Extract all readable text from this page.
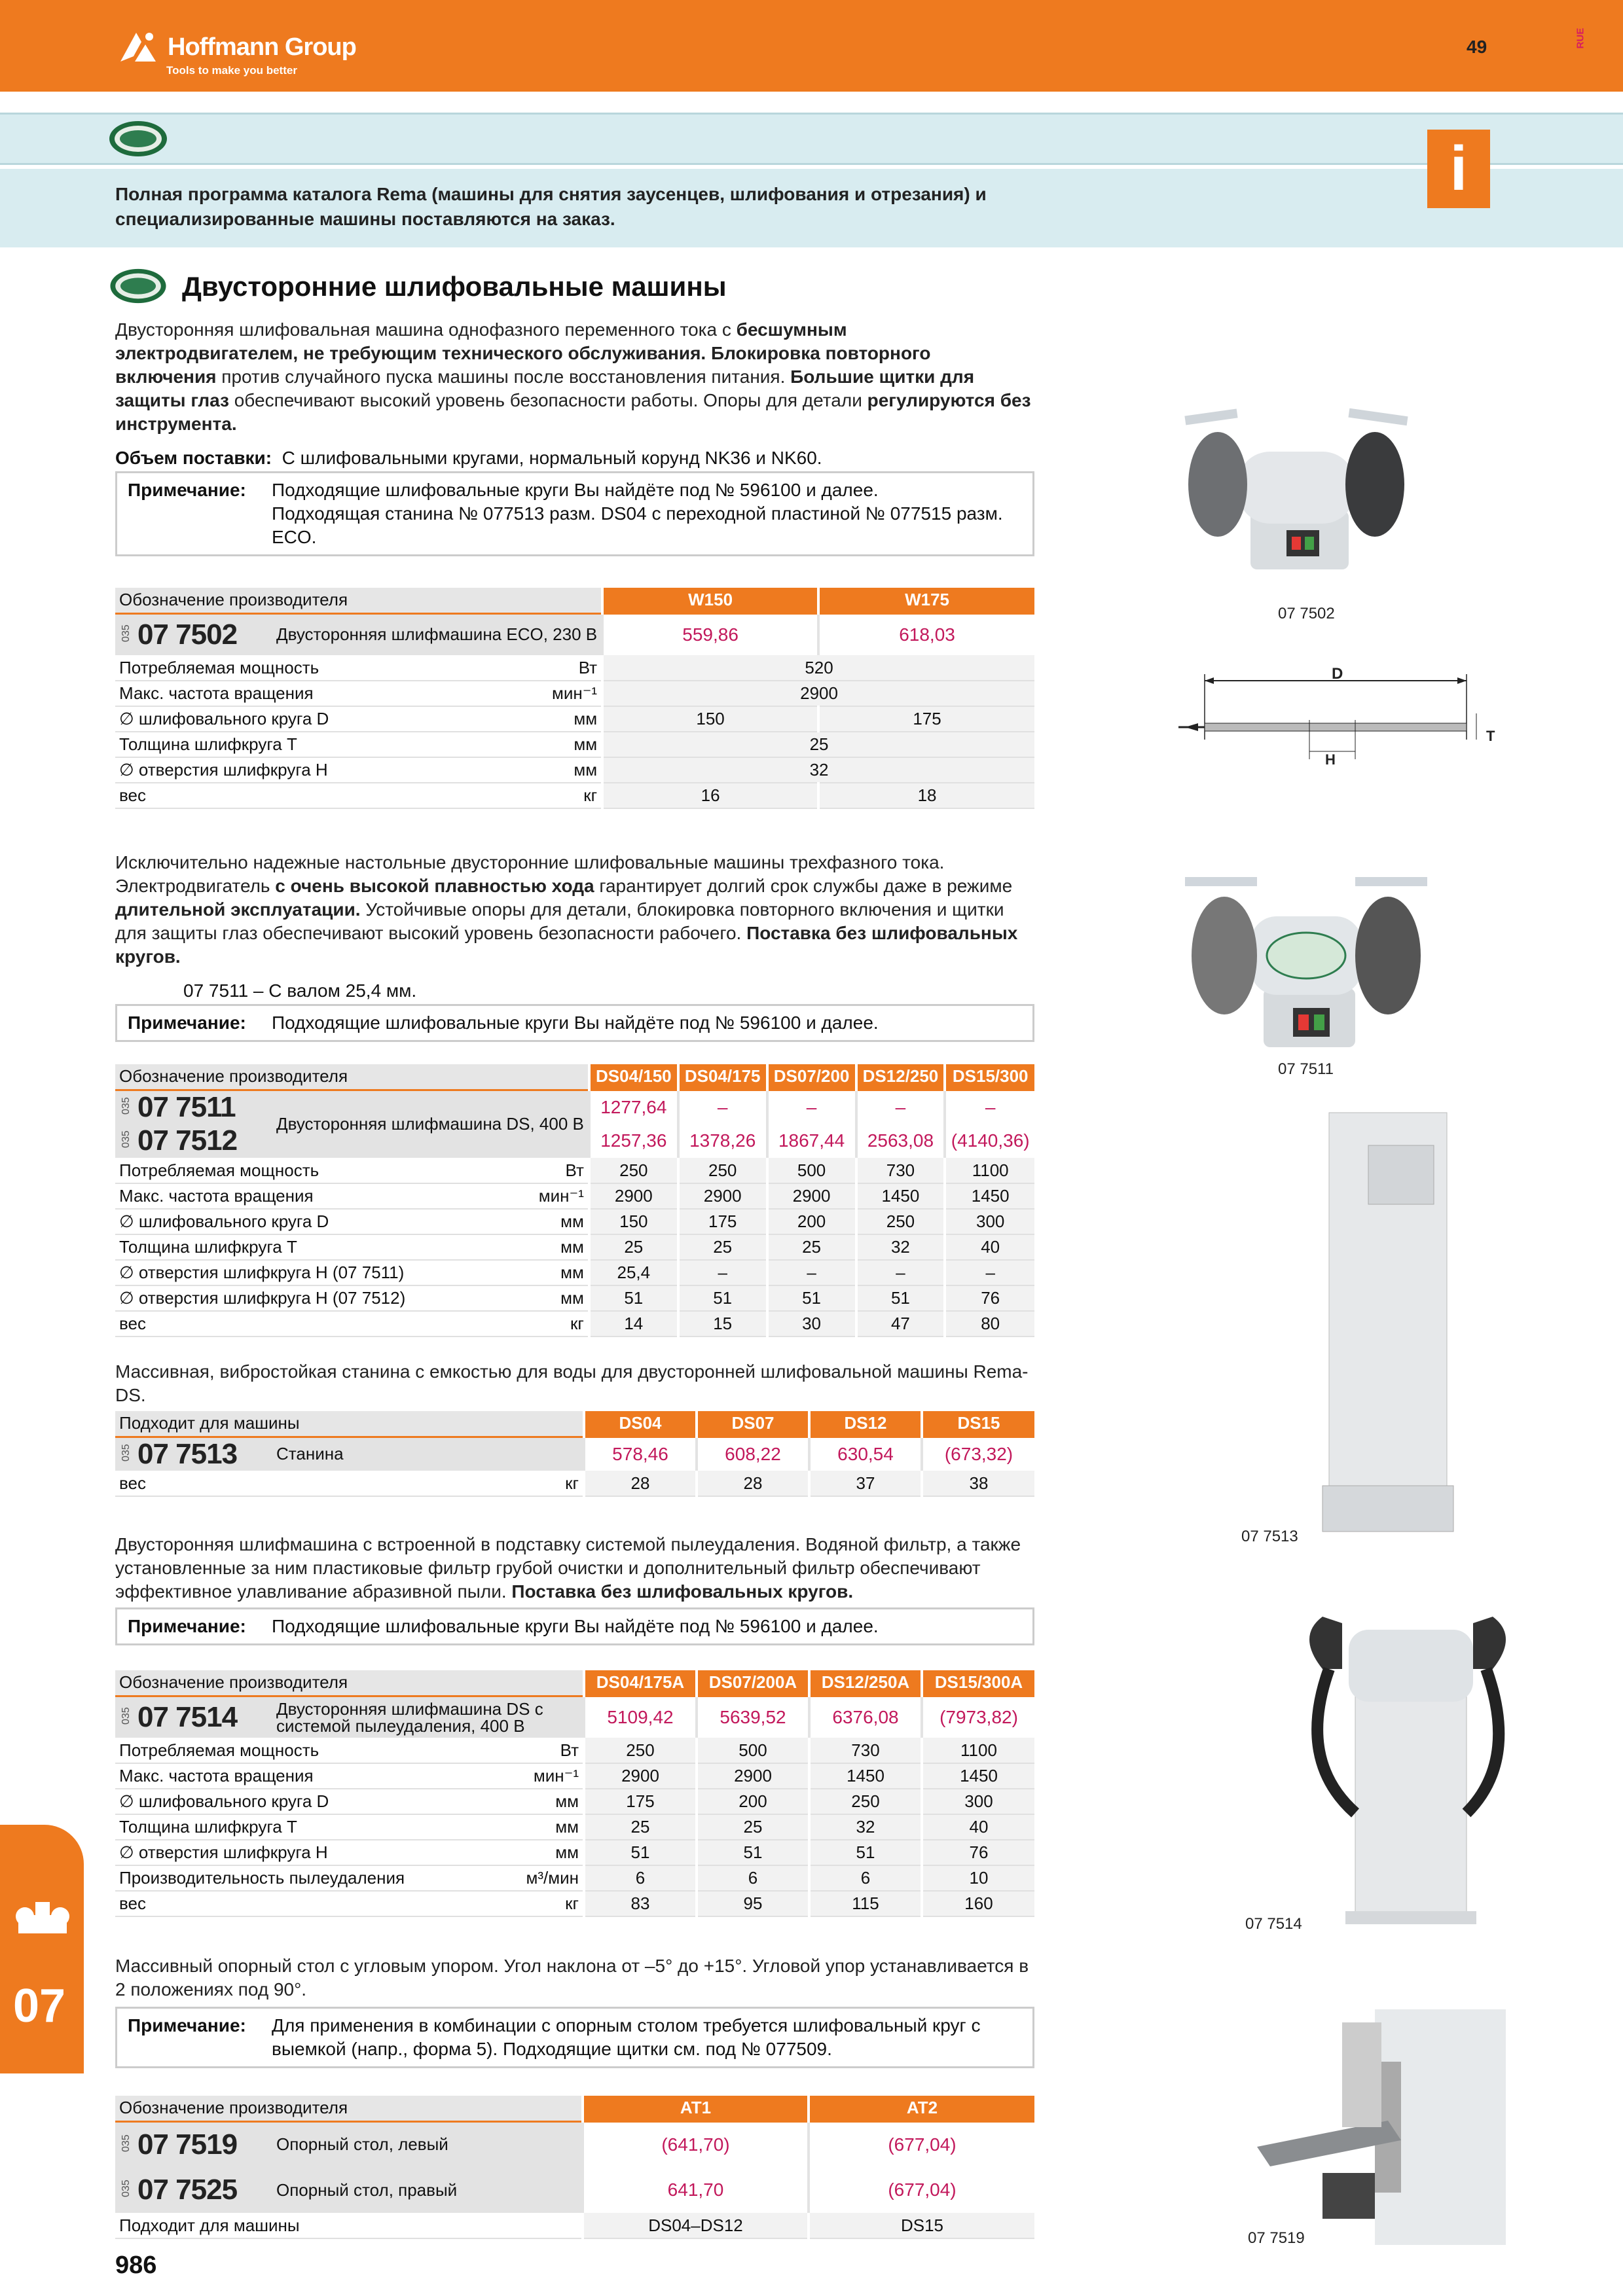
Hoffmann Group
Tools to make you better
49	RUE
i
Полная программа каталога Rema (машины для снятия заусенцев, шлифования и отрезания) и специализированные машины поставляются на заказ.
Двусторонние шлифовальные машины
Двусторонняя шлифовальная машина однофазного переменного тока с бесшумным электродвигателем, не требующим технического обслуживания. Блокировка повторного включения против случайного пуска машины после восстановления питания. Большие щитки для защиты глаз обеспечивают высокий уровень безопасности работы. Опоры для детали регулируются без инструмента.
Объем поставки: С шлифовальными кругами, нормальный корунд NK36 и NK60.
Примечание:	Подходящие шлифовальные круги Вы найдёте под № 596100 и далее.
Подходящая станина № 077513 разм. DS04 с переходной пластиной № 077515 разм. ECO.
Обозначение производителя			W150	W175

035 07 7502	Двусторонняя шлифмашина ECO, 230 В		559,86	618,03
Потребляемая мощность		Вт	520	
Макс. частота вращения		мин⁻¹	2900	
∅ шлифовального круга D		мм	150	175
Толщина шлифкруга T		мм	25	
∅ отверстия шлифкруга H		мм	32	
вес		кг	16	18
Исключительно надежные настольные двусторонние шлифовальные машины трехфазного тока. Электродвигатель с очень высокой плавностью хода гарантирует долгий срок службы даже в режиме длительной эксплуатации. Устойчивые опоры для детали, блокировка повторного включения и щитки для защиты глаз обеспечивают высокий уровень безопасности рабочего. Поставка без шлифовальных кругов.
07 7511 – С валом 25,4 мм.
Примечание:	Подходящие шлифовальные круги Вы найдёте под № 596100 и далее.
Обозначение производителя			DS04/150	DS04/175	DS07/200	DS12/250	DS15/300

035 07 7511	Двусторонняя шлифмашина DS, 400 В		1277,64	–	–	–	–

035 07 7512			1257,36	1378,26	1867,44	2563,08	(4140,36)
Потребляемая мощность		Вт	250	250	500	730	1100
Макс. частота вращения		мин⁻¹	2900	2900	2900	1450	1450
∅ шлифовального круга D		мм	150	175	200	250	300
Толщина шлифкруга T		мм	25	25	25	32	40
∅ отверстия шлифкруга H (07 7511)		мм	25,4	–	–	–	–
∅ отверстия шлифкруга H (07 7512)		мм	51	51	51	51	76
вес		кг	14	15	30	47	80
Массивная, вибростойкая станина с емкостью для воды для двусторонней шлифовальной машины Rema-DS.
Подходит для машины			DS04	DS07	DS12	DS15

035 07 7513	Станина		578,46	608,22	630,54	(673,32)
вес		кг	28	28	37	38
Двусторонняя шлифмашина с встроенной в подставку системой пылеудаления. Водяной фильтр, а также установленные за ним пластиковые фильтр грубой очистки и дополнительный фильтр обеспечивают эффективное улавливание абразивной пыли. Поставка без шлифовальных кругов.
Примечание:	Подходящие шлифовальные круги Вы найдёте под № 596100 и далее.
Обозначение производителя			DS04/175A	DS07/200A	DS12/250A	DS15/300A

035 07 7514	Двусторонняя шлифмашина DS с системой пылеудаления, 400 В		5109,42	5639,52	6376,08	(7973,82)
Потребляемая мощность		Вт	250	500	730	1100
Макс. частота вращения		мин⁻¹	2900	2900	1450	1450
∅ шлифовального круга D		мм	175	200	250	300
Толщина шлифкруга T		мм	25	25	32	40
∅ отверстия шлифкруга H		мм	51	51	51	76
Производительность пылеудаления		м³/мин	6	6	6	10
вес		кг	83	95	115	160
Массивный опорный стол с угловым упором. Угол наклона от –5° до +15°. Угловой упор устанавливается в 2 положениях под 90°.
Примечание:	Для применения в комбинации с опорным столом требуется шлифовальный круг с выемкой (напр., форма 5). Подходящие щитки см. под № 077509.
Обозначение производителя			AT1	AT2

035 07 7519	Опорный стол, левый		(641,70)	(677,04)

035 07 7525	Опорный стол, правый		641,70	(677,04)
Подходит для машины			DS04–DS12	DS15
07 7502
D
H
T
07 7511
07 7513
07 7514
07 7519
07
986
